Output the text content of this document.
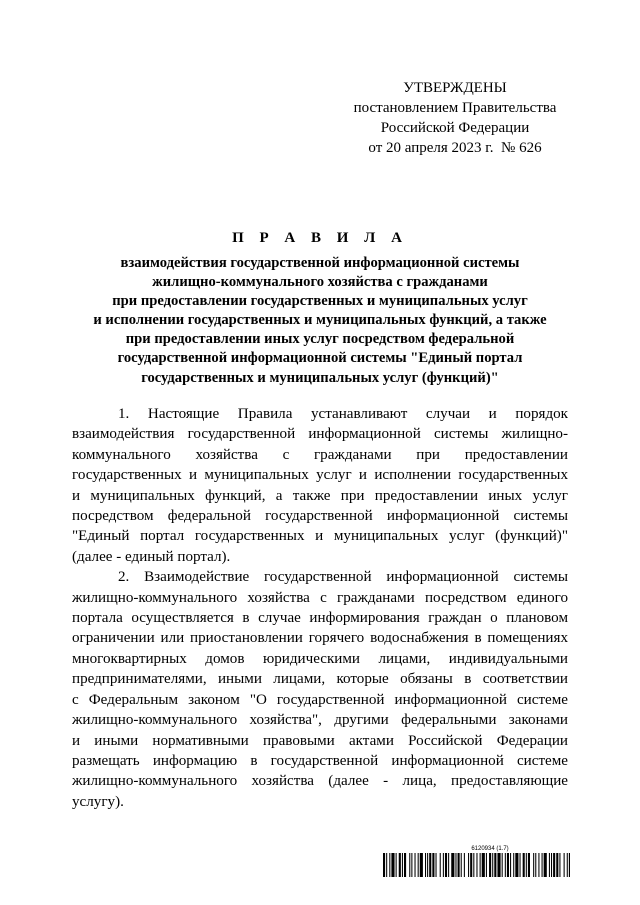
УТВЕРЖДЕНЫ
постановлением Правительства
Российской Федерации
от 20 апреля 2023 г.  № 626
П Р А В И Л А
взаимодействия государственной информационной системы
жилищно-коммунального хозяйства с гражданами
при предоставлении государственных и муниципальных услуг
и исполнении государственных и муниципальных функций, а также
при предоставлении иных услуг посредством федеральной
государственной информационной системы "Единый портал
государственных и муниципальных услуг (функций)"
1. Настоящие Правила устанавливают случаи и порядок
взаимодействия государственной информационной системы жилищно-
коммунального хозяйства с гражданами при предоставлении
государственных и муниципальных услуг и исполнении государственных
и муниципальных функций, а также при предоставлении иных услуг
посредством федеральной государственной информационной системы
"Единый портал государственных и муниципальных услуг (функций)"
(далее - единый портал).
2. Взаимодействие государственной информационной системы
жилищно-коммунального хозяйства с гражданами посредством единого
портала осуществляется в случае информирования граждан о плановом
ограничении или приостановлении горячего водоснабжения в помещениях
многоквартирных домов юридическими лицами, индивидуальными
предпринимателями, иными лицами, которые обязаны в соответствии
с Федеральным законом "О государственной информационной системе
жилищно-коммунального хозяйства", другими федеральными законами
и иными нормативными правовыми актами Российской Федерации
размещать информацию в государственной информационной системе
жилищно-коммунального хозяйства (далее - лица, предоставляющие
услугу).
6120934 (1.7)
